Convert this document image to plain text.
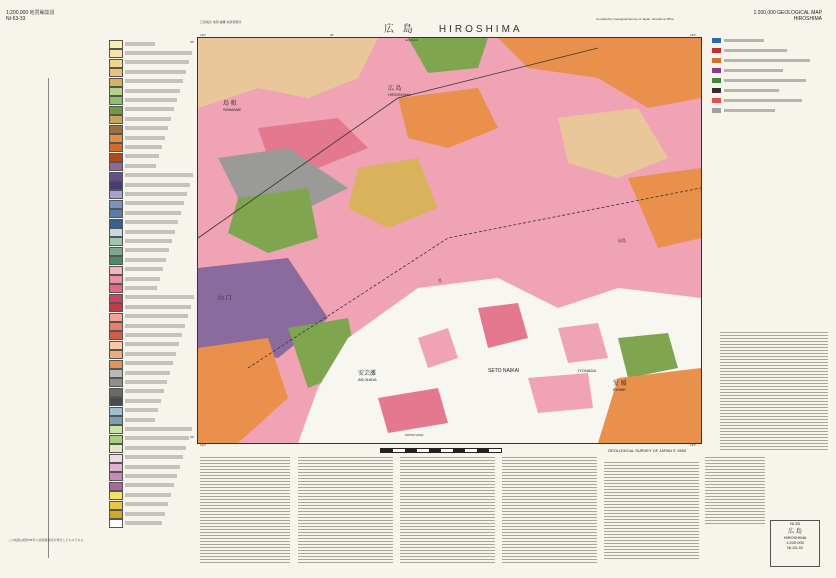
1:200,000 地質編集図
NI-53-33	広島地区 地質 編纂 地質調査所
広 島 HIROSHIMA
Compiled by Geological Survey of Japan; Hiroshima Office
1:200,000 GEOLOGICAL MAP
HIROSHIMA
島 根
SHIMANE
広 島
HIROSHIMA
山 口
安芸灘
AKI NADA
SETO NAIKAI
愛 媛
EHIME
IYONADA
呉
因島
HAMADA
MATSUYAMA
132°	30'	133°
132°	133°
35°
34°
GEOLOGICAL SURVEY OF JAPAN © 1983
NI-53
広 島
HIROSHIMA
1:200,000
NI-53-33
この地図は昭和58年に地質調査所が発行したものである
